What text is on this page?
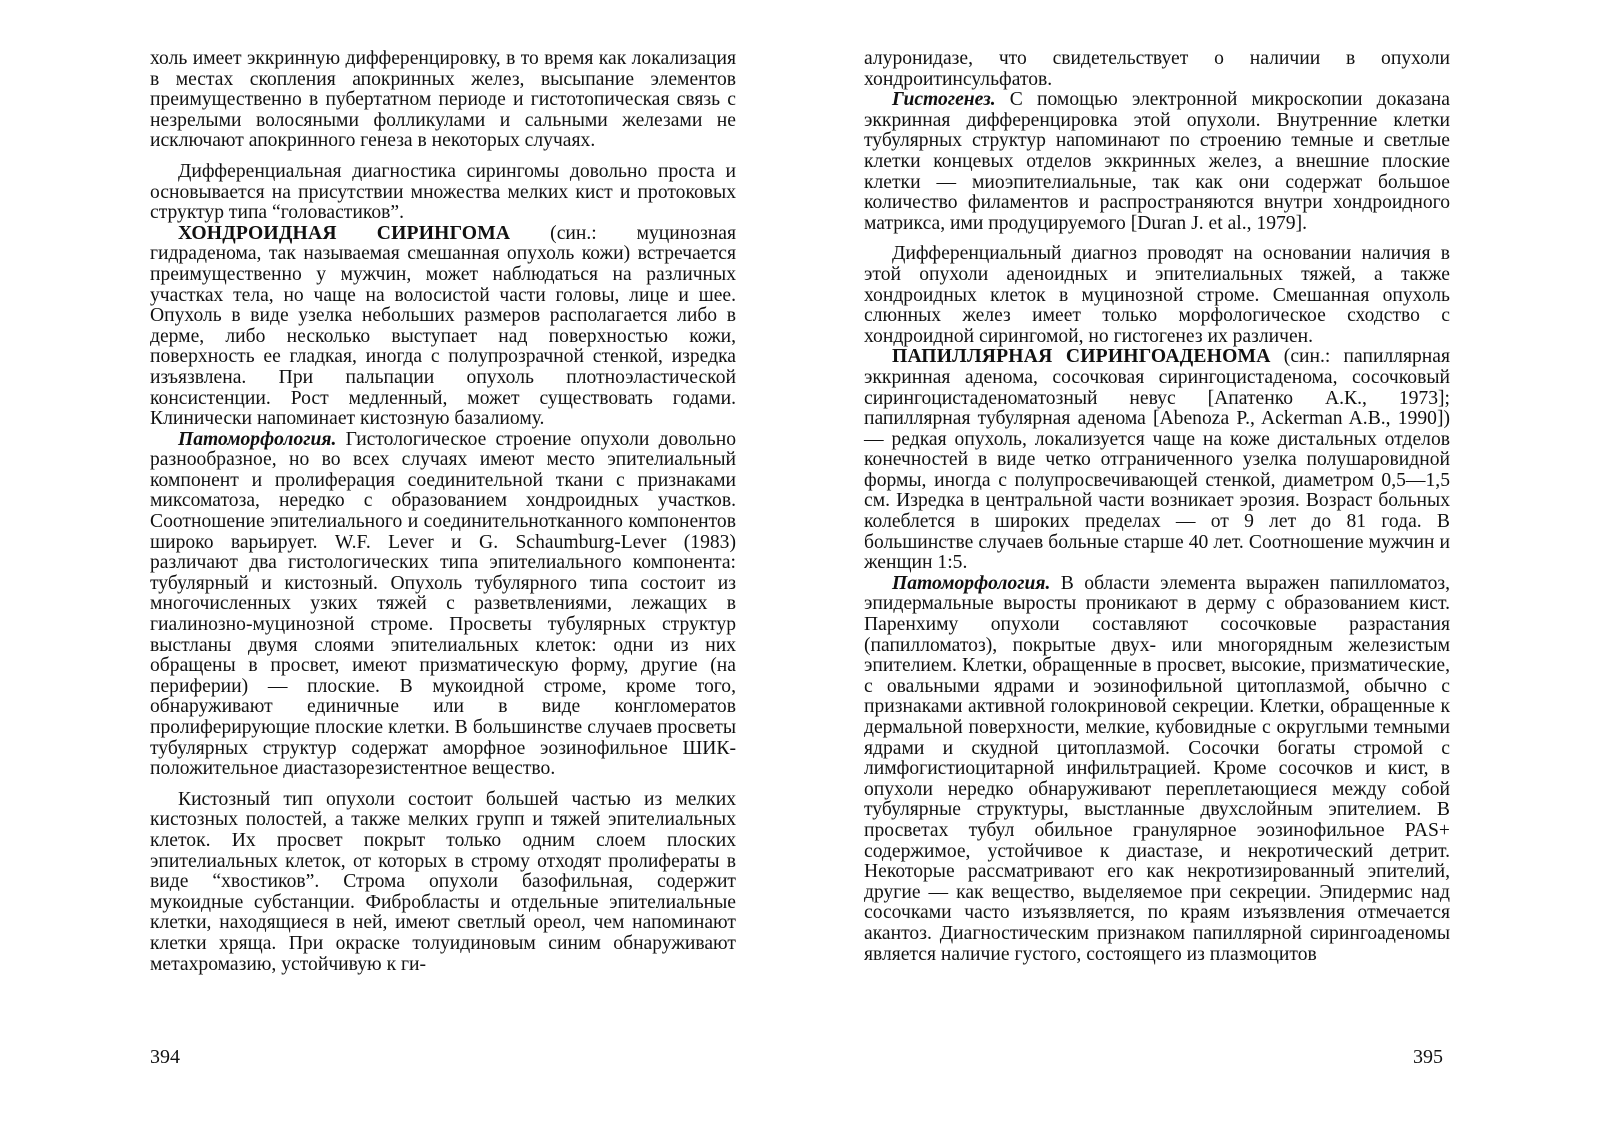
холь имеет эккринную дифференцировку, в то время как локализация в местах скопления апокринных желез, высыпание элементов преимущественно в пубертатном периоде и гистотопическая связь с незрелыми волосяными фолликулами и сальными железами не исключают апокринного генеза в некоторых случаях.

Дифференциальная диагностика сирингомы довольно проста и основывается на присутствии множества мелких кист и протоковых структур типа “головастиков”.

ХОНДРОИДНАЯ СИРИНГОМА (син.: муцинозная гидраденома, так называемая смешанная опухоль кожи) встречается преимущественно у мужчин, может наблюдаться на различных участках тела, но чаще на волосистой части головы, лице и шее. Опухоль в виде узелка небольших размеров располагается либо в дерме, либо несколько выступает над поверхностью кожи, поверхность ее гладкая, иногда с полупрозрачной стенкой, изредка изъязвлена. При пальпации опухоль плотноэластической консистенции. Рост медленный, может существовать годами. Клинически напоминает кистозную базалиому.

Патоморфология. Гистологическое строение опухоли довольно разнообразное, но во всех случаях имеют место эпителиальный компонент и пролиферация соединительной ткани с признаками миксоматоза, нередко с образованием хондроидных участков. Соотношение эпителиального и соединительнотканного компонентов широко варьирует. W.F. Lever и G. Schaumburg-Lever (1983) различают два гистологических типа эпителиального компонента: тубулярный и кистозный. Опухоль тубулярного типа состоит из многочисленных узких тяжей с разветвлениями, лежащих в гиалинозно-муцинозной строме. Просветы тубулярных структур выстланы двумя слоями эпителиальных клеток: одни из них обращены в просвет, имеют призматическую форму, другие (на периферии) — плоские. В мукоидной строме, кроме того, обнаруживают единичные или в виде конгломератов пролиферирующие плоские клетки. В большинстве случаев просветы тубулярных структур содержат аморфное эозинофильное ШИК-положительное диастазорезистентное вещество.

Кистозный тип опухоли состоит большей частью из мелких кистозных полостей, а также мелких групп и тяжей эпителиальных клеток. Их просвет покрыт только одним слоем плоских эпителиальных клеток, от которых в строму отходят пролифераты в виде “хвостиков”. Строма опухоли базофильная, содержит мукоидные субстанции. Фибробласты и отдельные эпителиальные клетки, находящиеся в ней, имеют светлый ореол, чем напоминают клетки хряща. При окраске толуидиновым синим обнаруживают метахромазию, устойчивую к ги-

394

алуронидазе, что свидетельствует о наличии в опухоли хондроитинсульфатов.

Гистогенез. С помощью электронной микроскопии доказана эккринная дифференцировка этой опухоли. Внутренние клетки тубулярных структур напоминают по строению темные и светлые клетки концевых отделов эккринных желез, а внешние плоские клетки — миоэпителиальные, так как они содержат большое количество филаментов и распространяются внутри хондроидного матрикса, ими продуцируемого [Duran J. et al., 1979].

Дифференциальный диагноз проводят на основании наличия в этой опухоли аденоидных и эпителиальных тяжей, а также хондроидных клеток в муцинозной строме. Смешанная опухоль слюнных желез имеет только морфологическое сходство с хондроидной сирингомой, но гистогенез их различен.

ПАПИЛЛЯРНАЯ СИРИНГОАДЕНОМА (син.: папиллярная эккринная аденома, сосочковая сирингоцистаденома, сосочковый сирингоцистаденоматозный невус [Апатенко А.К., 1973]; папиллярная тубулярная аденома [Abenoza P., Ackerman A.B., 1990]) — редкая опухоль, локализуется чаще на коже дистальных отделов конечностей в виде четко отграниченного узелка полушаровидной формы, иногда с полупросвечивающей стенкой, диаметром 0,5—1,5 см. Изредка в центральной части возникает эрозия. Возраст больных колеблется в широких пределах — от 9 лет до 81 года. В большинстве случаев больные старше 40 лет. Соотношение мужчин и женщин 1:5.

Патоморфология. В области элемента выражен папилломатоз, эпидермальные выросты проникают в дерму с образованием кист. Паренхиму опухоли составляют сосочковые разрастания (папилломатоз), покрытые двух- или многорядным железистым эпителием. Клетки, обращенные в просвет, высокие, призматические, с овальными ядрами и эозинофильной цитоплазмой, обычно с признаками активной голокриновой секреции. Клетки, обращенные к дермальной поверхности, мелкие, кубовидные с округлыми темными ядрами и скудной цитоплазмой. Сосочки богаты стромой с лимфогистиоцитарной инфильтрацией. Кроме сосочков и кист, в опухоли нередко обнаруживают переплетающиеся между собой тубулярные структуры, выстланные двухслойным эпителием. В просветах тубул обильное гранулярное эозинофильное PAS+ содержимое, устойчивое к диастазе, и некротический детрит. Некоторые рассматривают его как некротизированный эпителий, другие — как вещество, выделяемое при секреции. Эпидермис над сосочками часто изъязвляется, по краям изъязвления отмечается акантоз. Диагностическим признаком папиллярной сирингоаденомы является наличие густого, состоящего из плазмоцитов

395
